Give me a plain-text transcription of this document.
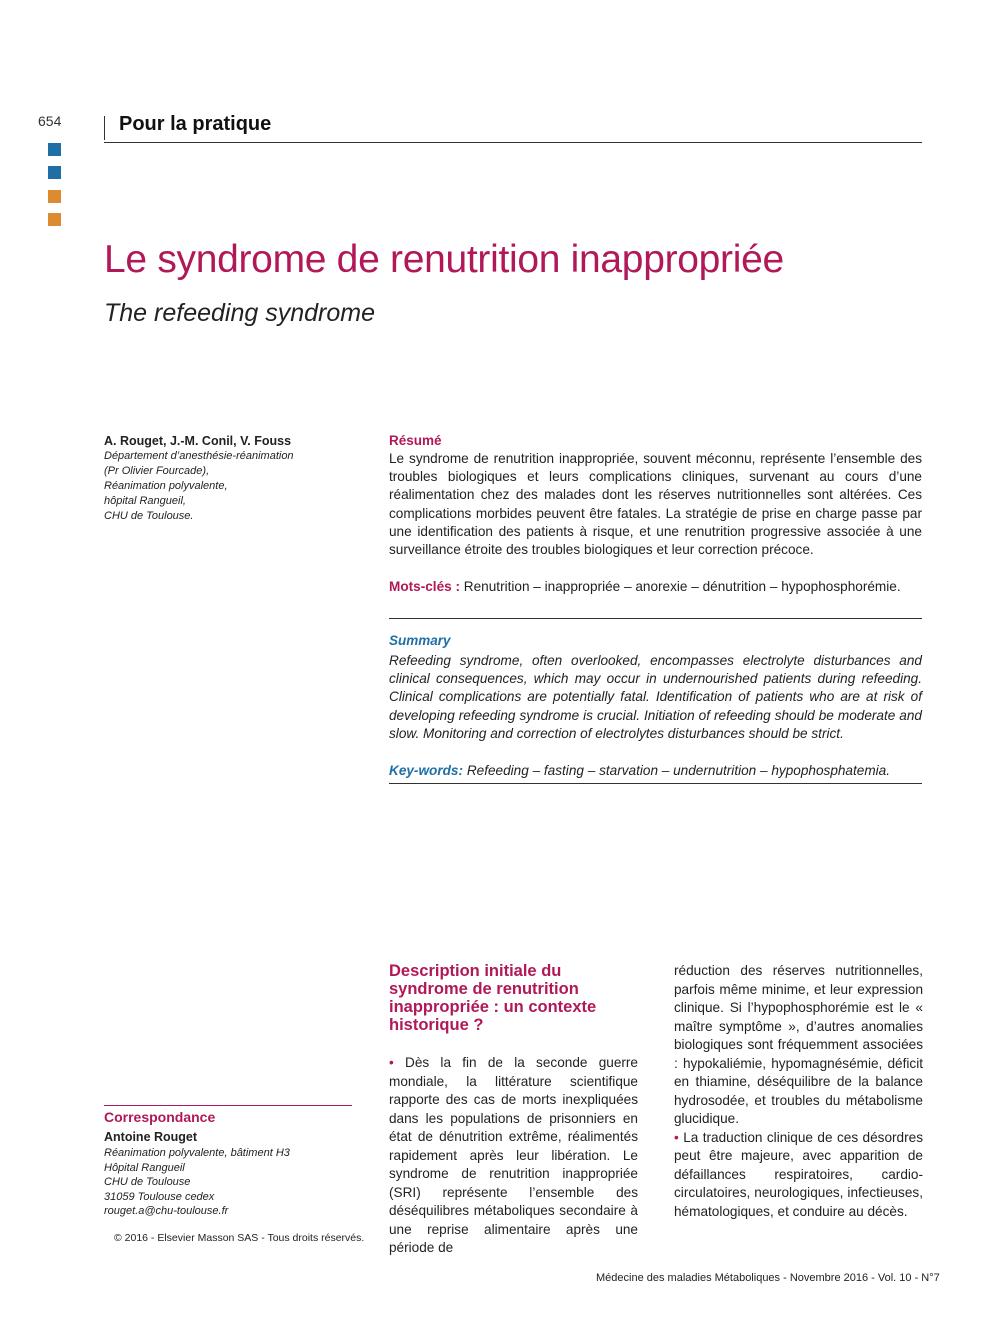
654	Pour la pratique
Le syndrome de renutrition inappropriée
The refeeding syndrome
A. Rouget, J.-M. Conil, V. Fouss
Département d’anesthésie-réanimation
(Pr Olivier Fourcade),
Réanimation polyvalente,
hôpital Rangueil,
CHU de Toulouse.
Résumé
Le syndrome de renutrition inappropriée, souvent méconnu, représente l’ensemble des troubles biologiques et leurs complications cliniques, survenant au cours d’une réalimentation chez des malades dont les réserves nutritionnelles sont altérées. Ces complications morbides peuvent être fatales. La stratégie de prise en charge passe par une identification des patients à risque, et une renutrition progressive associée à une surveillance étroite des troubles biologiques et leur correction précoce.
Mots-clés : Renutrition – inappropriée – anorexie – dénutrition – hypophosphorémie.
Summary
Refeeding syndrome, often overlooked, encompasses electrolyte disturbances and clinical consequences, which may occur in undernourished patients during refeeding. Clinical complications are potentially fatal. Identification of patients who are at risk of developing refeeding syndrome is crucial. Initiation of refeeding should be moderate and slow. Monitoring and correction of electrolytes disturbances should be strict.
Key-words: Refeeding – fasting – starvation – undernutrition – hypophosphatemia.
Correspondance
Antoine Rouget
Réanimation polyvalente, bâtiment H3
Hôpital Rangueil
CHU de Toulouse
31059 Toulouse cedex
rouget.a@chu-toulouse.fr
© 2016 - Elsevier Masson SAS - Tous droits réservés.
Description initiale du syndrome de renutrition inappropriée : un contexte historique ?
• Dès la fin de la seconde guerre mondiale, la littérature scientifique rapporte des cas de morts inexpliquées dans les populations de prisonniers en état de dénutrition extrême, réalimentés rapidement après leur libération. Le syndrome de renutrition inappropriée (SRI) représente l’ensemble des déséquilibres métaboliques secondaire à une reprise alimentaire après une période de
réduction des réserves nutritionnelles, parfois même minime, et leur expression clinique. Si l’hypophosphorémie est le « maître symptôme », d’autres anomalies biologiques sont fréquemment associées : hypokaliémie, hypomagnésémie, déficit en thiamine, déséquilibre de la balance hydrosodée, et troubles du métabolisme glucidique.
• La traduction clinique de ces désordres peut être majeure, avec apparition de défaillances respiratoires, cardio-circulatoires, neurologiques, infectieuses, hématologiques, et conduire au décès.
Médecine des maladies Métaboliques - Novembre 2016 - Vol. 10 - N°7
